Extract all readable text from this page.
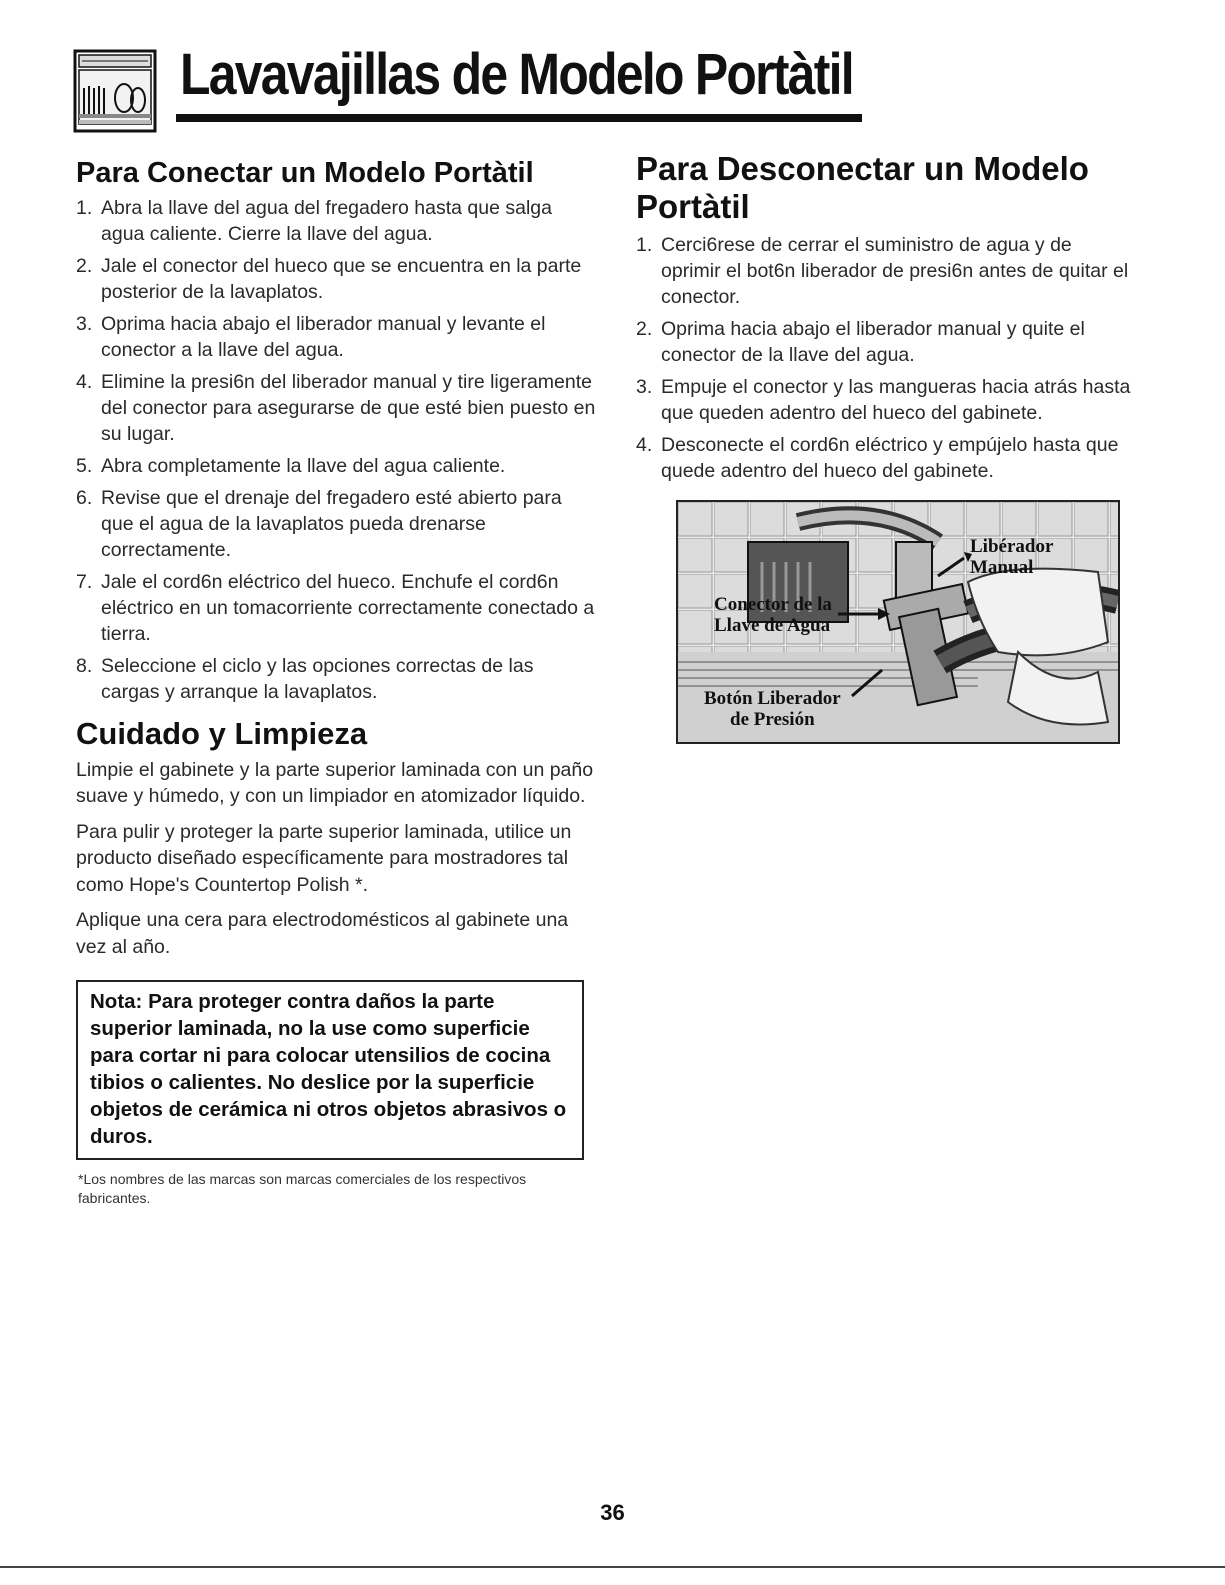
Lavavajillas de Modelo Portàtil
Para Conectar un Modelo Portàtil
1. Abra la llave del agua del fregadero hasta que salga agua caliente. Cierre la llave del agua.
2. Jale el conector del hueco que se encuentra en la parte posterior de la lavaplatos.
3. Oprima hacia abajo el liberador manual y levante el conector a la llave del agua.
4. Elimine la presi6n del liberador manual y tire ligeramente del conector para asegurarse de que esté bien puesto en su lugar.
5. Abra completamente la llave del agua caliente.
6. Revise que el drenaje del fregadero esté abierto para que el agua de la lavaplatos pueda drenarse correctamente.
7. Jale el cord6n eléctrico del hueco. Enchufe el cord6n eléctrico en un tomacorriente correctamente conectado a tierra.
8. Seleccione el ciclo y las opciones correctas de las cargas y arranque la lavaplatos.
Cuidado y Limpieza

Limpie el gabinete y la parte superior laminada con un paño suave y húmedo, y con un limpiador en atomizador líquido.

Para pulir y proteger la parte superior laminada, utilice un producto diseñado específicamente para mostradores tal como Hope's Countertop Polish *.

Aplique una cera para electrodomésticos al gabinete una vez al año.

Nota: Para proteger contra daños la parte superior laminada, no la use como superficie para cortar ni para colocar utensilios de cocina tibios o calientes. No deslice por la superficie objetos de cerámica ni otros objetos abrasivos o duros.
*Los nombres de las marcas son marcas comerciales de los respectivos fabricantes.
Para Desconectar un Modelo Portàtil
1. Cerci6rese de cerrar el suministro de agua y de oprimir el bot6n liberador de presi6n antes de quitar el conector.
2. Oprima hacia abajo el liberador manual y quite el conector de la llave del agua.
3. Empuje el conector y las mangueras hacia atrás hasta que queden adentro del hueco del gabinete.
4. Desconecte el cord6n eléctrico y empújelo hasta que quede adentro del hueco del gabinete.
Libérador
Manual
Conector de la
Llave de Agua
Botón Liberador
de Presión
36
